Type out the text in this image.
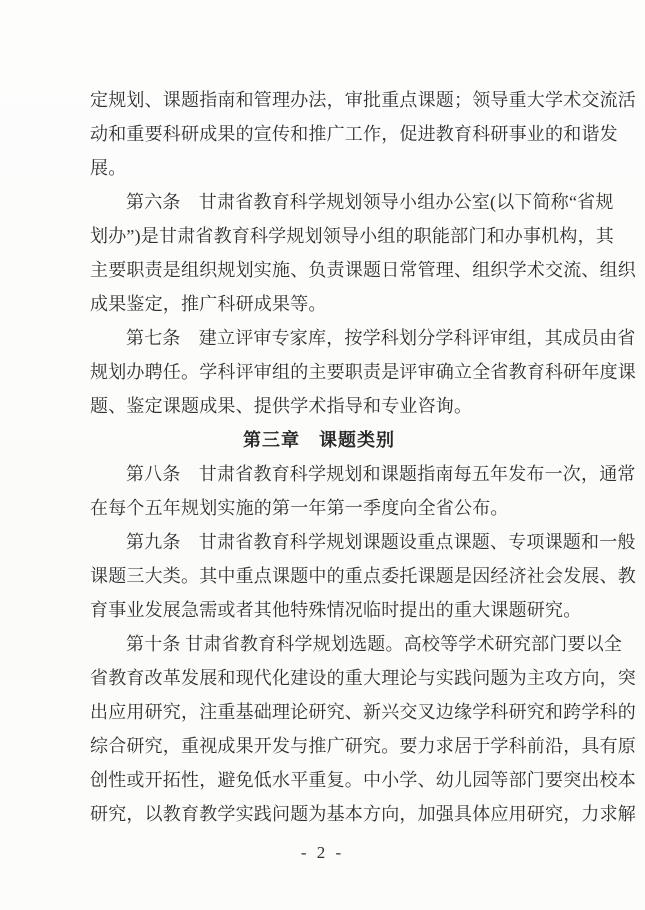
定规划、课题指南和管理办法，审批重点课题；领导重大学术交流活
动和重要科研成果的宣传和推广工作，促进教育科研事业的和谐发
展。
第六条　甘肃省教育科学规划领导小组办公室(以下简称“省规
划办”)是甘肃省教育科学规划领导小组的职能部门和办事机构，其
主要职责是组织规划实施、负责课题日常管理、组织学术交流、组织
成果鉴定，推广科研成果等。
第七条　建立评审专家库，按学科划分学科评审组，其成员由省
规划办聘任。学科评审组的主要职责是评审确立全省教育科研年度课
题、鉴定课题成果、提供学术指导和专业咨询。
第三章　课题类别
第八条　甘肃省教育科学规划和课题指南每五年发布一次，通常
在每个五年规划实施的第一年第一季度向全省公布。
第九条　甘肃省教育科学规划课题设重点课题、专项课题和一般
课题三大类。其中重点课题中的重点委托课题是因经济社会发展、教
育事业发展急需或者其他特殊情况临时提出的重大课题研究。
第十条 甘肃省教育科学规划选题。高校等学术研究部门要以全
省教育改革发展和现代化建设的重大理论与实践问题为主攻方向，突
出应用研究，注重基础理论研究、新兴交叉边缘学科研究和跨学科的
综合研究，重视成果开发与推广研究。要力求居于学科前沿，具有原
创性或开拓性，避免低水平重复。中小学、幼儿园等部门要突出校本
研究，以教育教学实践问题为基本方向，加强具体应用研究，力求解
- 2 -
